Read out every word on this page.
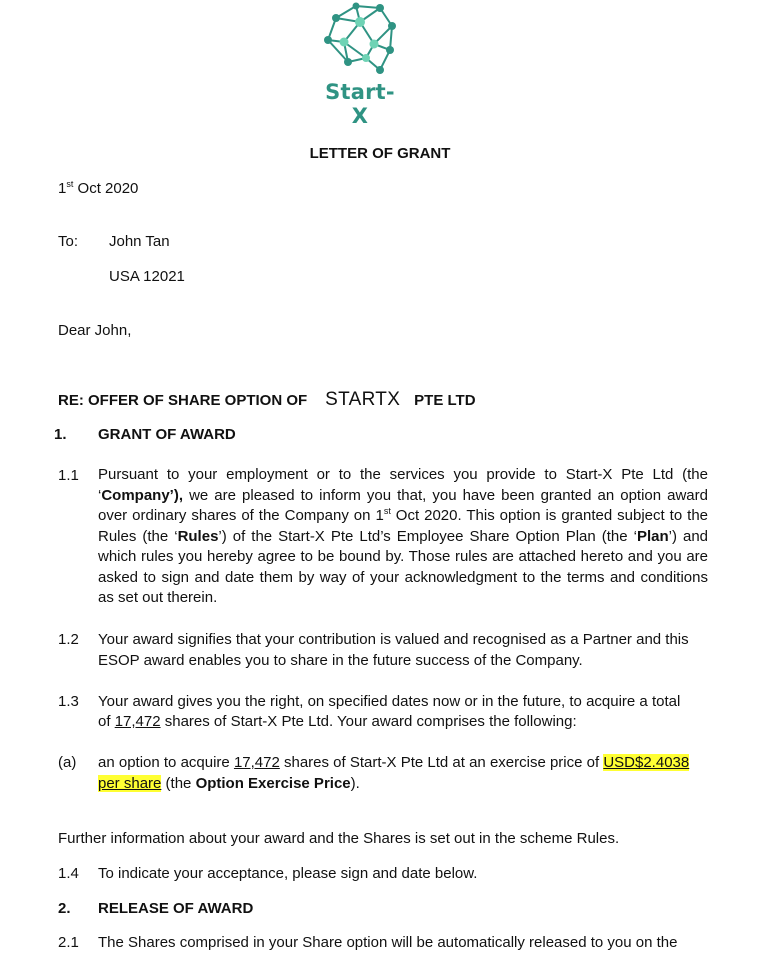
Start-X
LETTER OF GRANT
1st Oct 2020
To: John Tan
USA 12021
Dear John,
RE: OFFER OF SHARE OPTION OF STARTX PTE LTD
1. GRANT OF AWARD
1.1 Pursuant to your employment or to the services you provide to Start-X Pte Ltd (the ‘Company’), we are pleased to inform you that, you have been granted an option award over ordinary shares of the Company on 1st Oct 2020. This option is granted subject to the Rules (the ‘Rules’) of the Start-X Pte Ltd’s Employee Share Option Plan (the ‘Plan’) and which rules you hereby agree to be bound by. Those rules are attached hereto and you are asked to sign and date them by way of your acknowledgment to the terms and conditions as set out therein.
1.2 Your award signifies that your contribution is valued and recognised as a Partner and this
ESOP award enables you to share in the future success of the Company.
1.3 Your award gives you the right, on specified dates now or in the future, to acquire a total
of 17,472 shares of Start-X Pte Ltd. Your award comprises the following:
(a) an option to acquire 17,472 shares of Start-X Pte Ltd at an exercise price of USD$2.4038
per share (the Option Exercise Price).
Further information about your award and the Shares is set out in the scheme Rules.
1.4 To indicate your acceptance, please sign and date below.
2. RELEASE OF AWARD
2.1 The Shares comprised in your Share option will be automatically released to you on the
